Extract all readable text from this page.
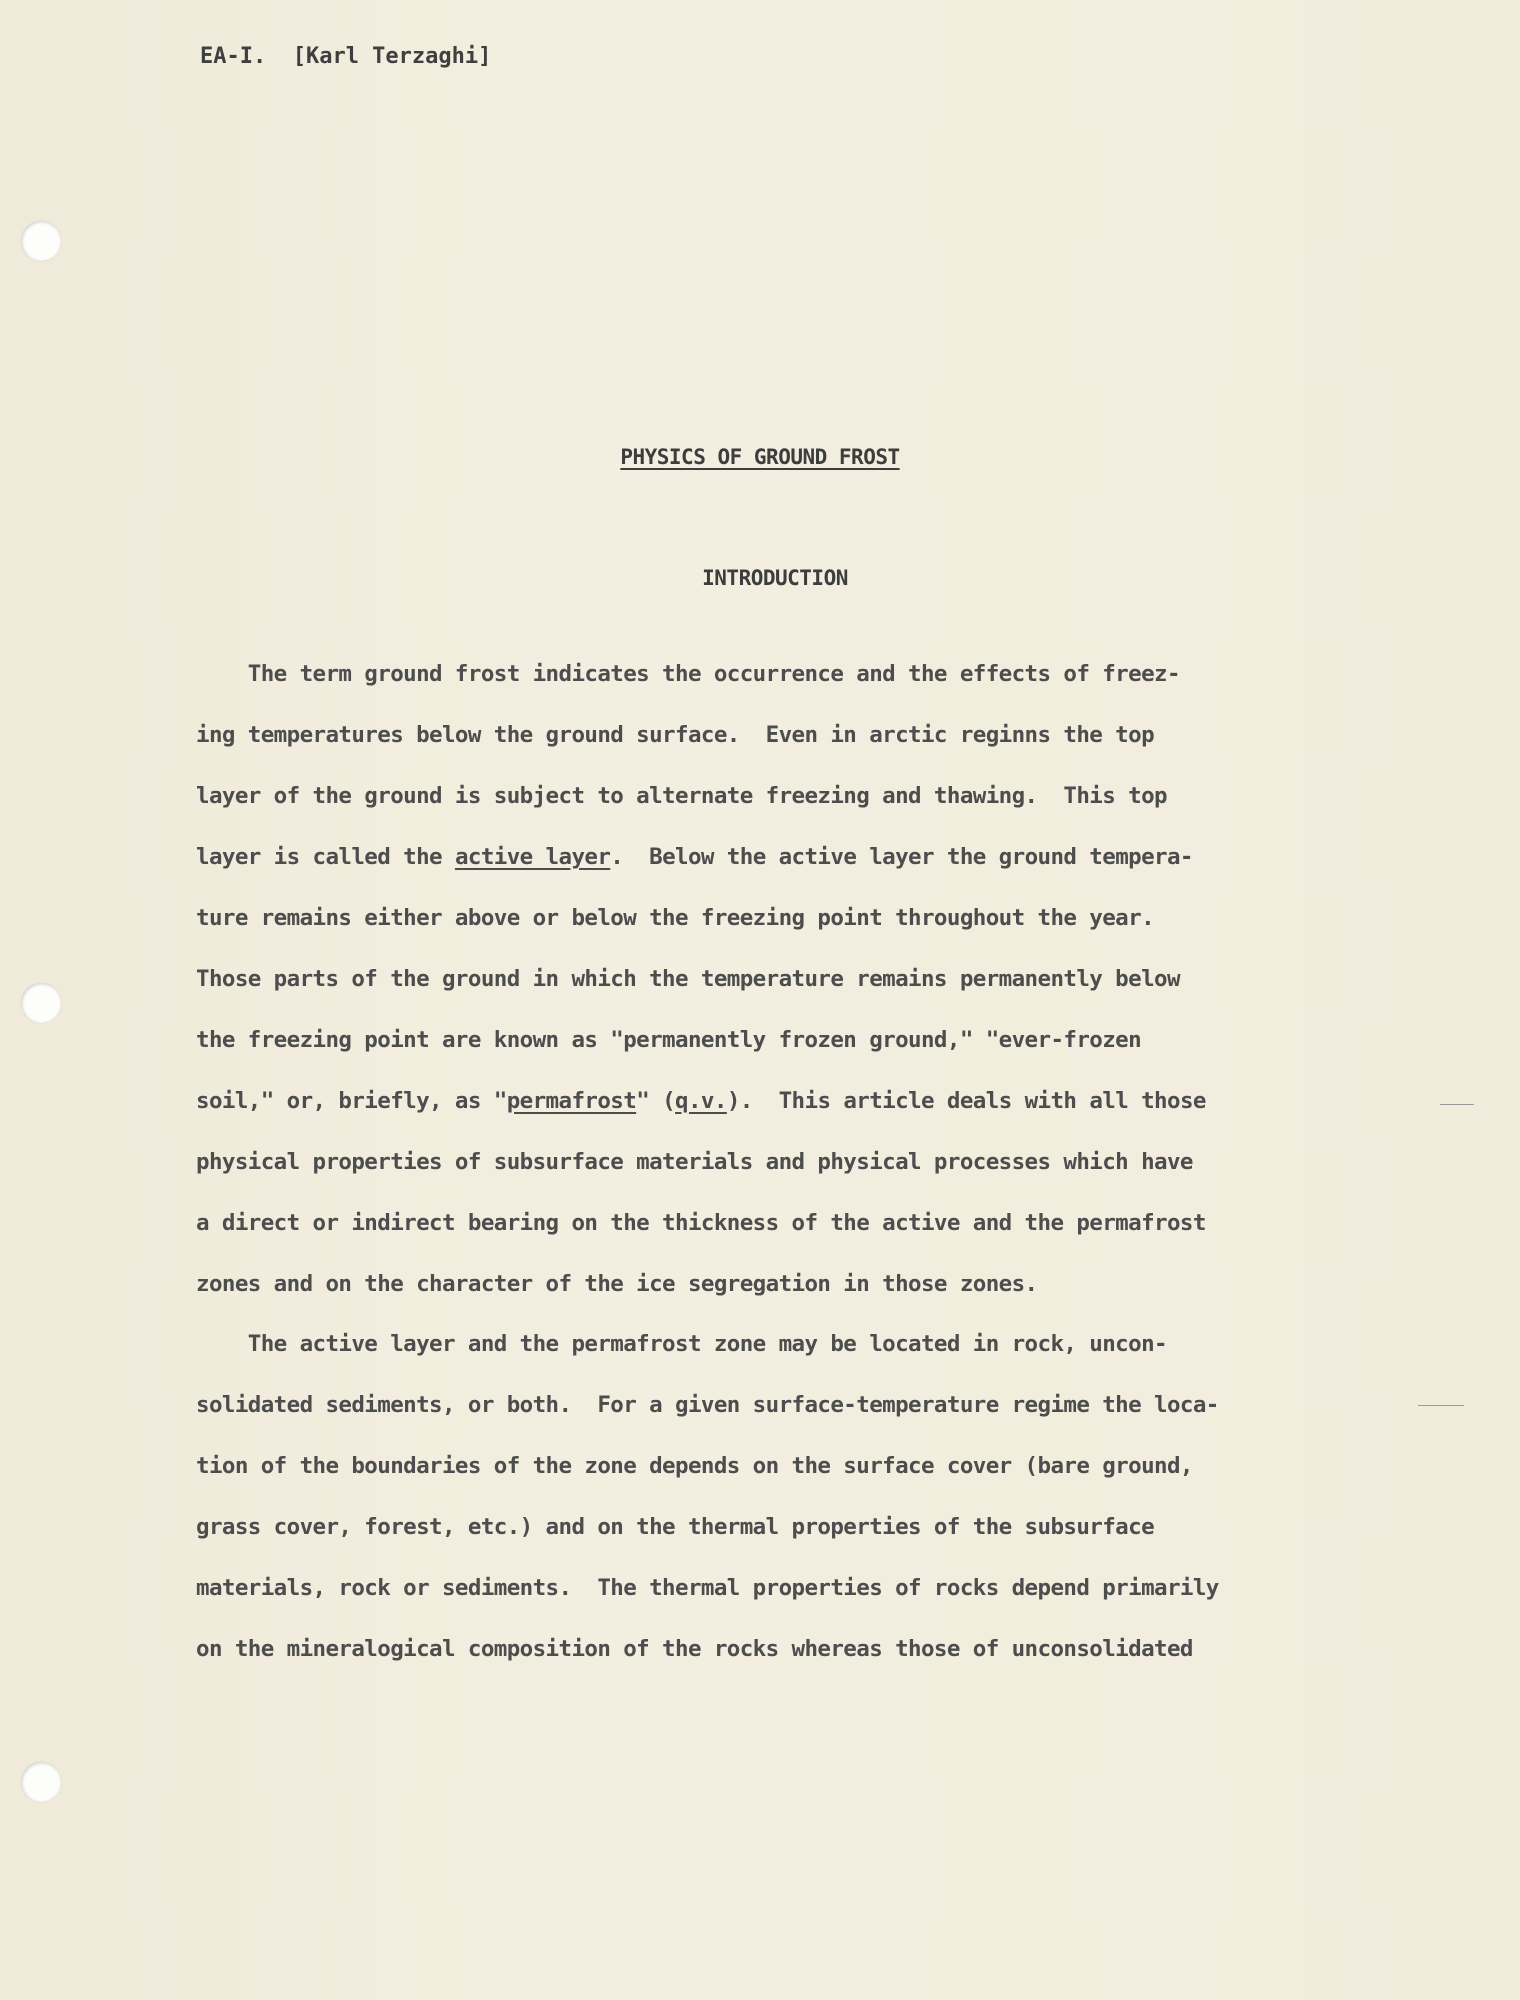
EA-I.  [Karl Terzaghi]
PHYSICS OF GROUND FROST
INTRODUCTION
The term ground frost indicates the occurrence and the effects of freez-
ing temperatures below the ground surface.  Even in arctic reginns the top
layer of the ground is subject to alternate freezing and thawing.  This top
layer is called the active layer.  Below the active layer the ground tempera-
ture remains either above or below the freezing point throughout the year.
Those parts of the ground in which the temperature remains permanently below
the freezing point are known as "permanently frozen ground," "ever-frozen
soil," or, briefly, as "permafrost" (q.v.).  This article deals with all those
physical properties of subsurface materials and physical processes which have
a direct or indirect bearing on the thickness of the active and the permafrost
zones and on the character of the ice segregation in those zones.
The active layer and the permafrost zone may be located in rock, uncon-
solidated sediments, or both.  For a given surface-temperature regime the loca-
tion of the boundaries of the zone depends on the surface cover (bare ground,
grass cover, forest, etc.) and on the thermal properties of the subsurface
materials, rock or sediments.  The thermal properties of rocks depend primarily
on the mineralogical composition of the rocks whereas those of unconsolidated
